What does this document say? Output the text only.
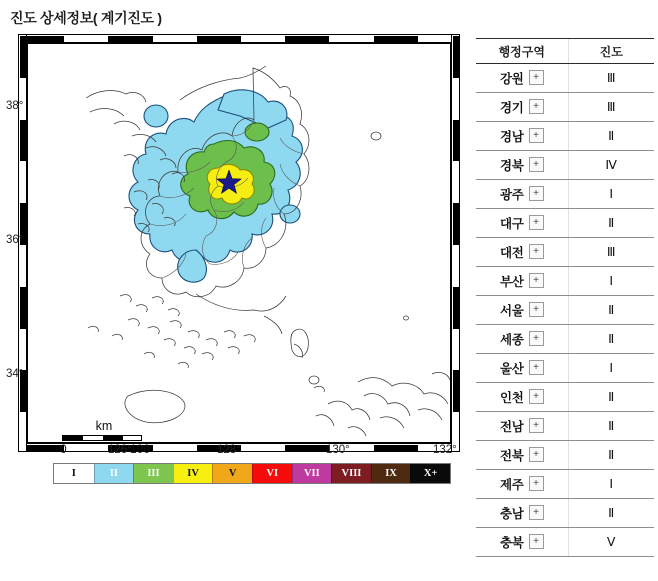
진도 상세정보( 계기진도 )
km
0	100
38°
36°
34°
126°	128°	130°	132°
I	II	III	IV	V	VI	VII	VIII	IX	X+
행정구역	진도

강원 +	Ⅲ

경기 +	Ⅲ

경남 +	Ⅱ

경북 +	Ⅳ

광주 +	Ⅰ

대구 +	Ⅱ

대전 +	Ⅲ

부산 +	Ⅰ

서울 +	Ⅱ

세종 +	Ⅱ

울산 +	Ⅰ

인천 +	Ⅱ

전남 +	Ⅱ

전북 +	Ⅱ

제주 +	Ⅰ

충남 +	Ⅱ

충북 +	Ⅴ
